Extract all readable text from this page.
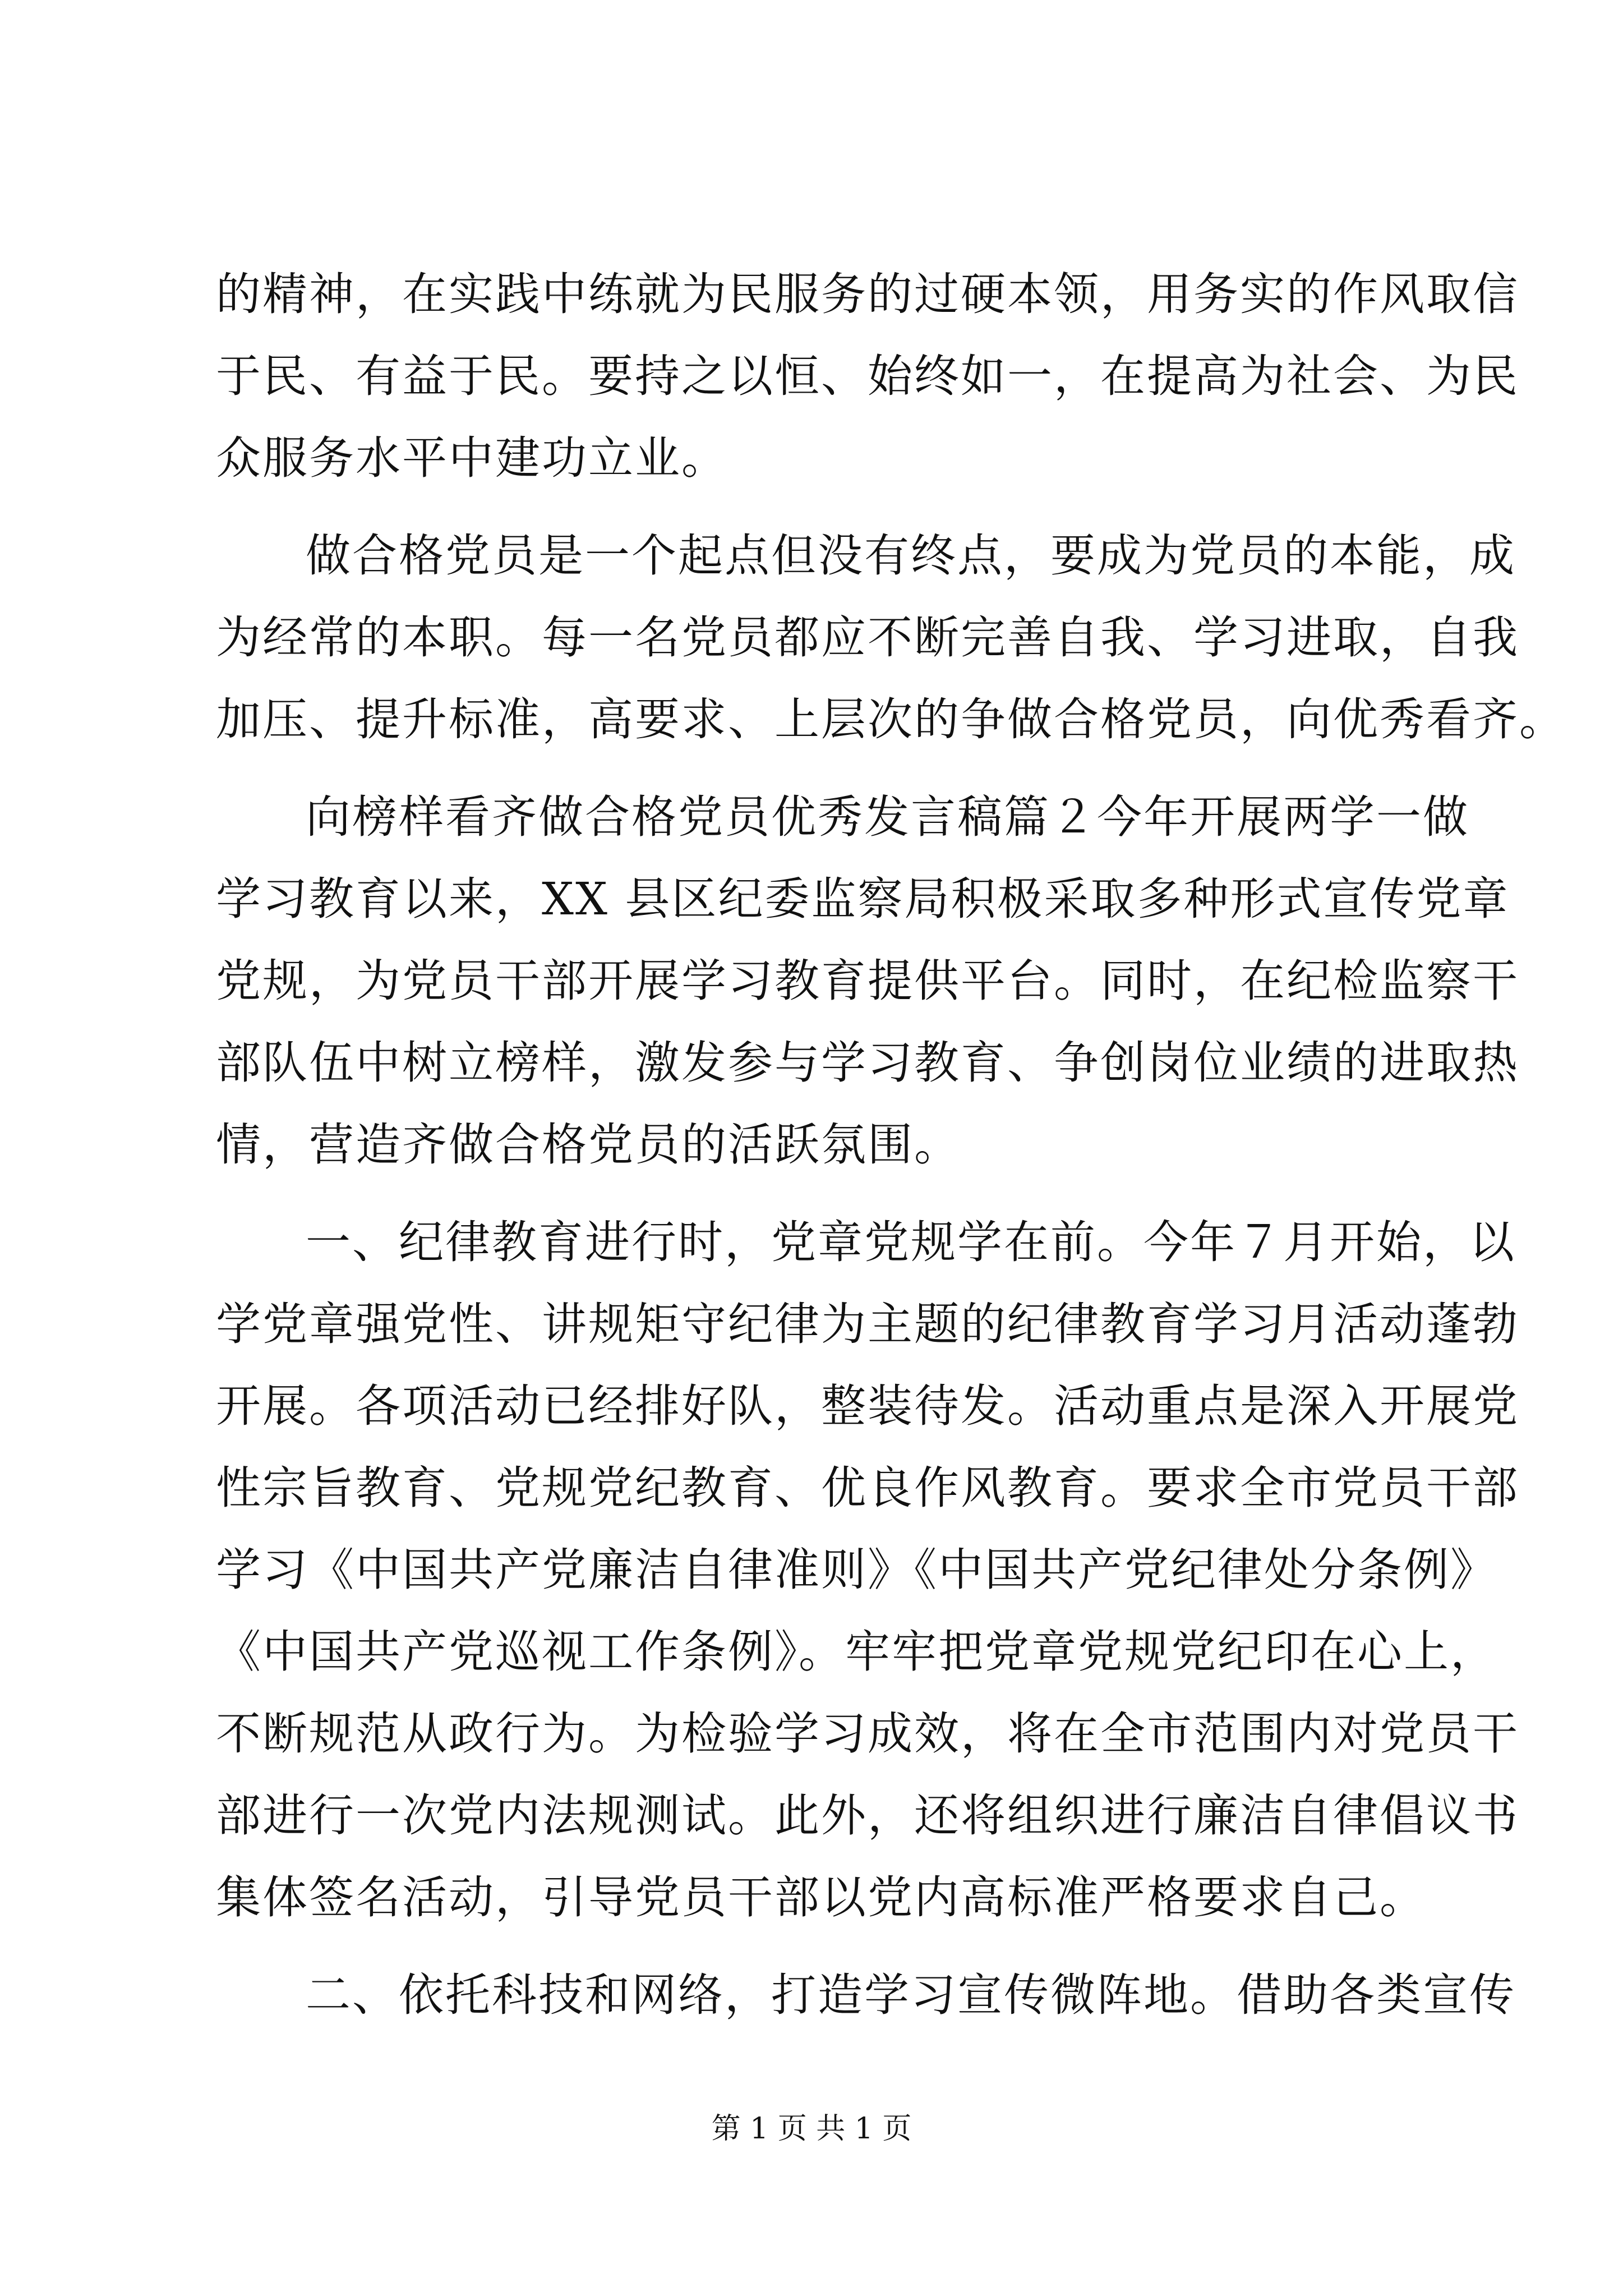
的精神，在实践中练就为民服务的过硬本领，用务实的作风取信
于民、有益于民。要持之以恒、始终如一，在提高为社会、为民
众服务水平中建功立业。
做合格党员是一个起点但没有终点，要成为党员的本能，成
为经常的本职。每一名党员都应不断完善自我、学习进取，自我
加压、提升标准，高要求、上层次的争做合格党员，向优秀看齐。
向榜样看齐做合格党员优秀发言稿篇２今年开展两学一做
学习教育以来，XX 县区纪委监察局积极采取多种形式宣传党章
党规，为党员干部开展学习教育提供平台。同时，在纪检监察干
部队伍中树立榜样，激发参与学习教育、争创岗位业绩的进取热
情，营造齐做合格党员的活跃氛围。
一、纪律教育进行时，党章党规学在前。今年７月开始，以
学党章强党性、讲规矩守纪律为主题的纪律教育学习月活动蓬勃
开展。各项活动已经排好队，整装待发。活动重点是深入开展党
性宗旨教育、党规党纪教育、优良作风教育。要求全市党员干部
学习《中国共产党廉洁自律准则》《中国共产党纪律处分条例》
《中国共产党巡视工作条例》。牢牢把党章党规党纪印在心上，
不断规范从政行为。为检验学习成效，将在全市范围内对党员干
部进行一次党内法规测试。此外，还将组织进行廉洁自律倡议书
集体签名活动，引导党员干部以党内高标准严格要求自己。
二、依托科技和网络，打造学习宣传微阵地。借助各类宣传
第 1 页 共 1 页
